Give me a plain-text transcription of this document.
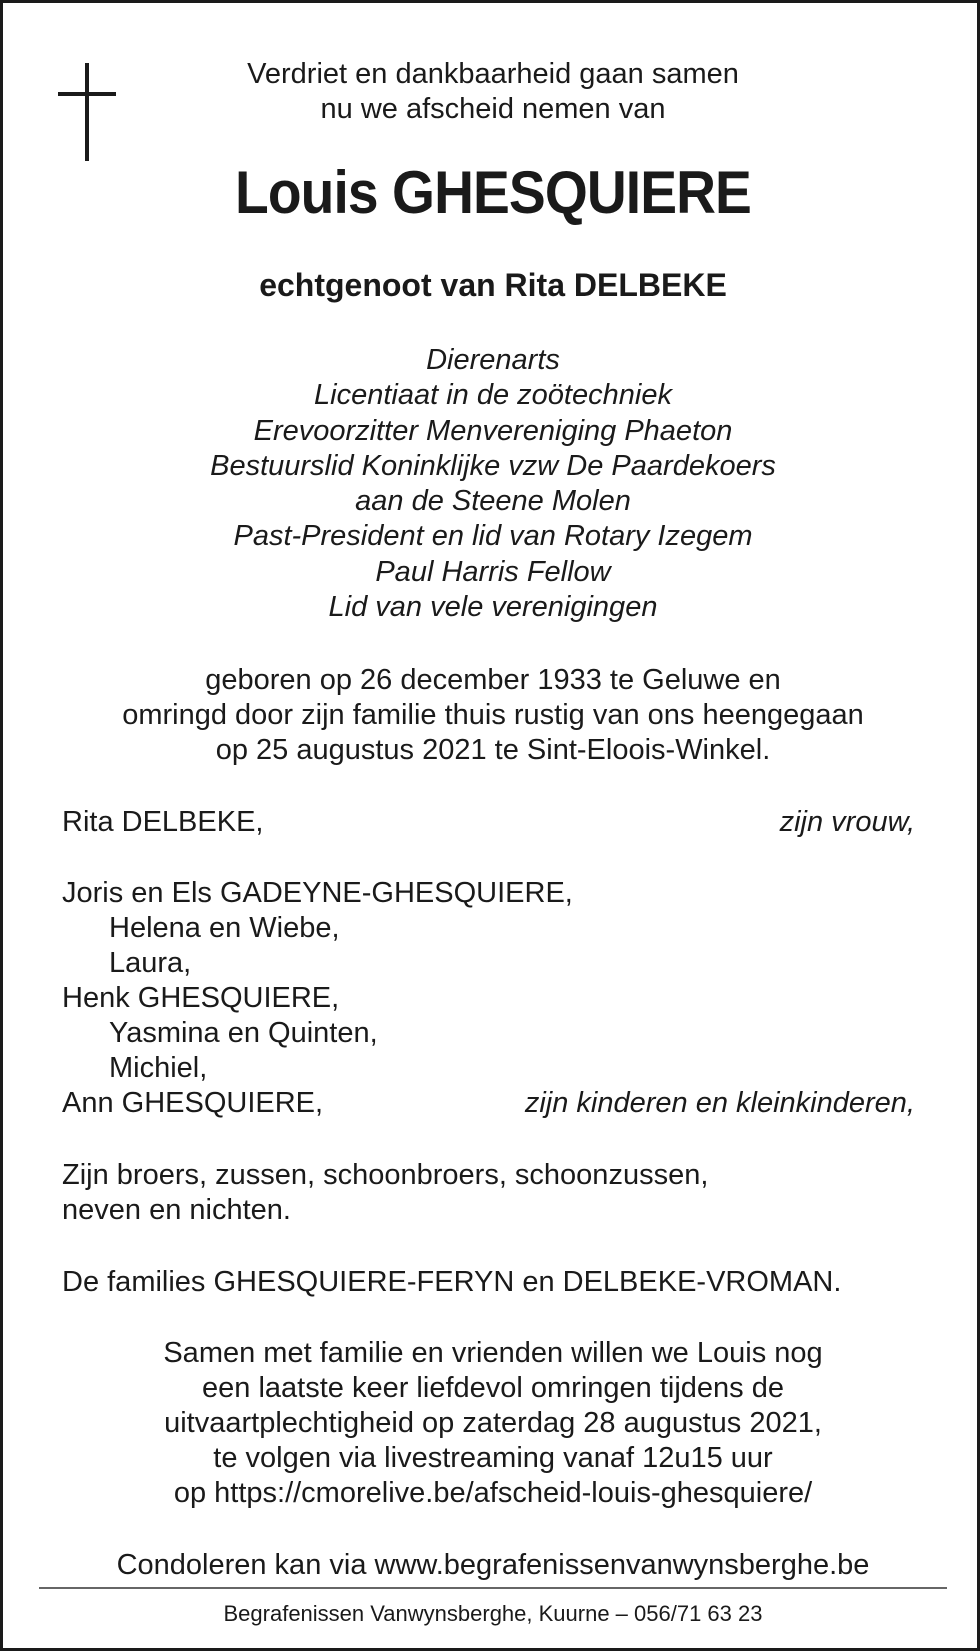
Verdriet en dankbaarheid gaan samen
nu we afscheid nemen van
Louis GHESQUIERE
echtgenoot van Rita DELBEKE
Dierenarts
Licentiaat in de zoötechniek
Erevoorzitter Menvereniging Phaeton
Bestuurslid Koninklijke vzw De Paardekoers
aan de Steene Molen
Past-President en lid van Rotary Izegem
Paul Harris Fellow
Lid van vele verenigingen
geboren op 26 december 1933 te Geluwe en
omringd door zijn familie thuis rustig van ons heengegaan
op 25 augustus 2021 te Sint-Eloois-Winkel.
Rita DELBEKE,	zijn vrouw,
Joris en Els GADEYNE-GHESQUIERE,
Helena en Wiebe,
Laura,
Henk GHESQUIERE,
Yasmina en Quinten,
Michiel,
Ann GHESQUIERE,	zijn kinderen en kleinkinderen,
Zijn broers, zussen, schoonbroers, schoonzussen,
neven en nichten.
De families GHESQUIERE-FERYN en DELBEKE-VROMAN.
Samen met familie en vrienden willen we Louis nog
een laatste keer liefdevol omringen tijdens de
uitvaartplechtigheid op zaterdag 28 augustus 2021,
te volgen via livestreaming vanaf 12u15 uur
op https://cmorelive.be/afscheid-louis-ghesquiere/
Condoleren kan via www.begrafenissenvanwynsberghe.be
Begrafenissen Vanwynsberghe, Kuurne – 056/71 63 23
